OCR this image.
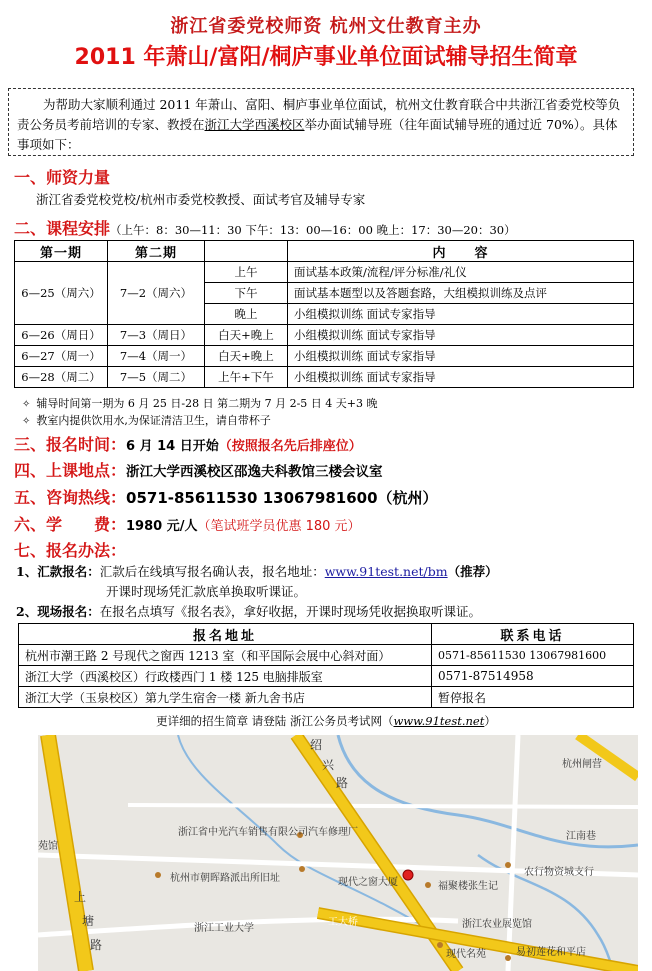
浙江省委党校师资 杭州文仕教育主办
2011 年萧山/富阳/桐庐事业单位面试辅导招生简章
为帮助大家顺利通过 2011 年萧山、富阳、桐庐事业单位面试，杭州文仕教育联合中共浙江省委党校等负责公务员考前培训的专家、教授在浙江大学西溪校区举办面试辅导班（往年面试辅导班的通过近 70%）。具体事项如下：
一、师资力量
浙江省委党校党校/杭州市委党校教授、面试考官及辅导专家
二、课程安排（上午：8：30—11：30 下午：13：00—16：00 晚上：17：30—20：30）
第一期	第二期		内　　容
6—25（周六）	7—2（周六）	上午	面试基本政策/流程/评分标准/礼仪
		下午	面试基本题型以及答题套路，大组模拟训练及点评
		晚上	小组模拟训练 面试专家指导
6—26（周日）	7—3（周日）	白天+晚上	小组模拟训练 面试专家指导
6—27（周一）	7—4（周一）	白天+晚上	小组模拟训练 面试专家指导
6—28（周二）	7—5（周二）	上午+下午	小组模拟训练 面试专家指导
✧ 辅导时间第一期为 6 月 25 日-28 日 第二期为 7 月 2-5 日 4 天+3 晚
✧ 教室内提供饮用水,为保证清洁卫生，请自带杯子
三、报名时间：6 月 14 日开始（按照报名先后排座位）
四、上课地点：浙江大学西溪校区邵逸夫科教馆三楼会议室
五、咨询热线：0571-85611530 13067981600（杭州）
六、学　　费：1980 元/人（笔试班学员优惠 180 元）
七、报名办法：
1、汇款报名：汇款后在线填写报名确认表，报名地址：www.91test.net/bm（推荐）
开课时现场凭汇款底单换取听课证。
2、现场报名：在报名点填写《报名表》，拿好收据，开课时现场凭收据换取听课证。
报名地址	联系电话
杭州市潮王路 2 号现代之窗西 1213 室（和平国际会展中心斜对面）	0571-85611530 13067981600
浙江大学（西溪校区）行政楼西门 1 楼 125 电脑排版室	0571-87514958
浙江大学（玉泉校区）第九学生宿舍一楼 新九舍书店	暂停报名
更详细的招生简章 请登陆 浙江公务员考试网（www.91test.net）
绍
兴
路
杭州闸营
江南巷
浙江省中光汽车销售有限公司汽车修理厂
杭州市朝晖路派出所旧址	现代之窗大厦	福聚楼张生记
农行物资城支行
浙江工业大学
工大桥	浙江农业展览馆
现代名苑	易初莲花和平店
上
塘
路
苑馆
